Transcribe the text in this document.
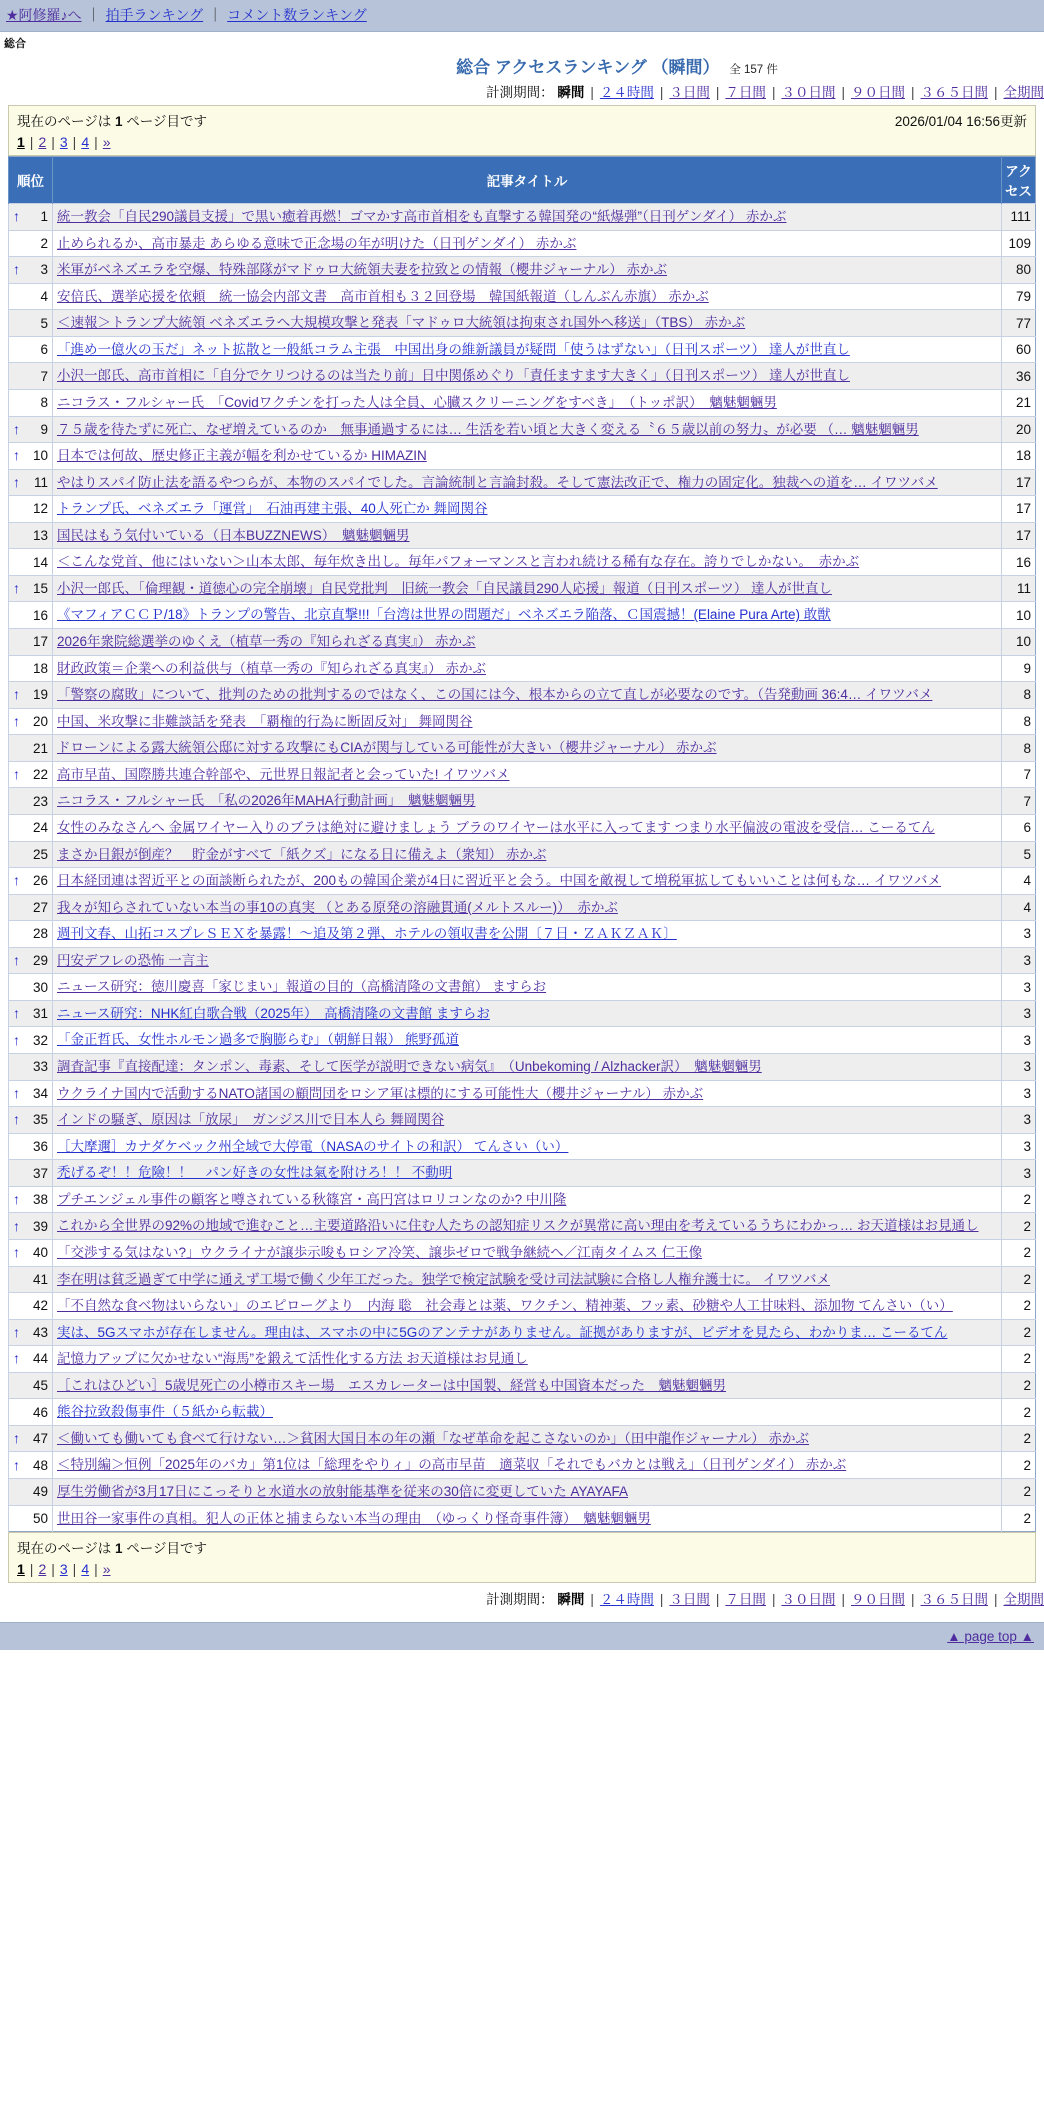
★阿修羅♪へ ｜ 拍手ランキング ｜ コメント数ランキング
総合
総合 アクセスランキング （瞬間） 全 157 件
計測期間： 瞬間 | ２４時間 | ３日間 | ７日間 | ３０日間 | ９０日間 | ３６５日間 | 全期間
現在のページは 1 ページ目です	2026/01/04 16:56更新
1 | 2 | 3 | 4 | »
順位	記事タイトル	アクセス

↑ 1	統一教会「自民290議員支援」で黒い癒着再燃！ゴマかす高市首相をも直撃する韓国発の“紙爆弾”（日刊ゲンダイ） 赤かぶ	111
2	止められるか、高市暴走 あらゆる意味で正念場の年が明けた（日刊ゲンダイ） 赤かぶ	109

↑ 3	米軍がベネズエラを空爆、特殊部隊がマドゥロ大統領夫妻を拉致との情報（櫻井ジャーナル） 赤かぶ	80
4	安倍氏、選挙応援を依頼　統一協会内部文書　高市首相も３２回登場　韓国紙報道（しんぶん赤旗） 赤かぶ	79
5	＜速報＞トランプ大統領 ベネズエラへ大規模攻撃と発表「マドゥロ大統領は拘束され国外へ移送」（TBS） 赤かぶ	77
6	「進め一億火の玉だ」ネット拡散と一般紙コラム主張　中国出身の維新議員が疑問「使うはずない」（日刊スポーツ） 達人が世直し	60
7	小沢一郎氏、高市首相に「自分でケリつけるのは当たり前」日中関係めぐり「責任ますます大きく」（日刊スポーツ） 達人が世直し	36
8	ニコラス・フルシャー氏　「Covidワクチンを打った人は全員、心臓スクリーニングをすべき」　（トッポ訳）　魑魅魍魎男	21

↑ 9	７５歳を待たずに死亡、なぜ増えているのか　無事通過するには… 生活を若い頃と大きく変える〝６５歳以前の努力〟が必要 （… 魑魅魍魎男	20

↑ 10	日本では何故、歴史修正主義が幅を利かせているか HIMAZIN	18

↑ 11	やはりスパイ防止法を語るやつらが、本物のスパイでした。言論統制と言論封殺。そして憲法改正で、権力の固定化。独裁への道を… イワツバメ	17
12	トランプ氏、ベネズエラ「運営」　石油再建主張、40人死亡か 舞岡関谷	17
13	国民はもう気付いている（日本BUZZNEWS）　魑魅魍魎男	17
14	＜こんな党首、他にはいない＞山本太郎、毎年炊き出し。毎年パフォーマンスと言われ続ける稀有な存在。誇りでしかない。　赤かぶ	16

↑ 15	小沢一郎氏、「倫理観・道徳心の完全崩壊」自民党批判　旧統一教会「自民議員290人応援」報道（日刊スポーツ） 達人が世直し	11
16	《マフィアＣＣＰ/18》トランプの警告、北京直撃!!!「台湾は世界の問題だ」ベネズエラ陥落、Ｃ国震撼！(Elaine Pura Arte) 敢獣	10
17	2026年衆院総選挙のゆくえ（植草一秀の『知られざる真実』） 赤かぶ	10
18	財政政策＝企業への利益供与（植草一秀の『知られざる真実』） 赤かぶ	9

↑ 19	「警察の腐敗」について、批判のための批判するのではなく、この国には今、根本からの立て直しが必要なのです。（告発動画 36:4… イワツバメ	8

↑ 20	中国、米攻撃に非難談話を発表　「覇権的行為に断固反対」 舞岡関谷	8
21	ドローンによる露大統領公邸に対する攻撃にもCIAが関与している可能性が大きい（櫻井ジャーナル） 赤かぶ	8

↑ 22	高市早苗、国際勝共連合幹部や、元世界日報記者と会っていた! イワツバメ	7
23	ニコラス・フルシャー氏　「私の2026年MAHA行動計画」　魑魅魍魎男	7
24	女性のみなさんへ 金属ワイヤー入りのブラは絶対に避けましょう ブラのワイヤーは水平に入ってます つまり水平偏波の電波を受信… こーるてん	6
25	まさか日銀が倒産？　貯金がすべて「紙クズ」になる日に備えよ（衆知） 赤かぶ	5

↑ 26	日本経団連は習近平との面談断られたが、200もの韓国企業が4日に習近平と会う。中国を敵視して増税軍拡してもいいことは何もな… イワツバメ	4
27	我々が知らされていない本当の事10の真実 （とある原発の溶融貫通(メルトスルー)）　赤かぶ	4
28	週刊文春、山拓コスプレＳＥＸを暴露！〜追及第２弾、ホテルの領収書を公開〔７日・ＺＡＫＺＡＫ〕	3

↑ 29	円安デフレの恐怖 一言主	3
30	ニュース研究：徳川慶喜「家じまい」報道の目的（高橋清隆の文書館） ますらお	3

↑ 31	ニュース研究：NHK紅白歌合戦（2025年）　高橋清隆の文書館 ますらお	3

↑ 32	「金正哲氏、女性ホルモン過多で胸膨らむ」（朝鮮日報） 熊野孤道	3
33	調査記事『直接配達：タンポン、毒素、そして医学が説明できない病気』　（Unbekoming / Alzhacker訳）　魑魅魍魎男	3

↑ 34	ウクライナ国内で活動するNATO諸国の顧問団をロシア軍は標的にする可能性大（櫻井ジャーナル） 赤かぶ	3

↑ 35	インドの騒ぎ、原因は「放尿」　ガンジス川で日本人ら 舞岡関谷	3
36	［大摩邇］カナダケベック州全域で大停電（NASAのサイトの和訳） てんさい（い）	3
37	禿げるぞ！！危險！！　パン好きの女性は氣を附けろ！！ 不動明	3

↑ 38	プチエンジェル事件の顧客と噂されている秋篠宮・高円宮はロリコンなのか? 中川隆	2

↑ 39	これから全世界の92%の地域で進むこと…主要道路沿いに住む人たちの認知症リスクが異常に高い理由を考えているうちにわかっ… お天道様はお見通し	2

↑ 40	「交渉する気はない?」ウクライナが譲歩示唆もロシア冷笑、譲歩ゼロで戦争継続へ／江南タイムス 仁王像	2
41	李在明は貧乏過ぎて中学に通えず工場で働く少年工だった。独学で検定試験を受け司法試験に合格し人権弁護士に。 イワツバメ	2
42	「不自然な食べ物はいらない」のエピローグより　内海 聡　社会毒とは薬、ワクチン、精神薬、フッ素、砂糖や人工甘味料、添加物 てんさい（い）	2

↑ 43	実は、5Gスマホが存在しません。理由は、スマホの中に5Gのアンテナがありません。証拠がありますが、ビデオを見たら、わかりま… こーるてん	2

↑ 44	記憶力アップに欠かせない“海馬”を鍛えて活性化する方法 お天道様はお見通し	2
45	［これはひどい］5歳児死亡の小樽市スキー場　エスカレーターは中国製、経営も中国資本だった　魑魅魍魎男	2
46	熊谷拉致殺傷事件（５紙から転載）	2

↑ 47	＜働いても働いても食べて行けない…＞貧困大国日本の年の瀬「なぜ革命を起こさないのか」（田中龍作ジャーナル） 赤かぶ	2

↑ 48	＜特別編＞恒例「2025年のバカ」第1位は「総理をやりィ」の高市早苗　適菜収「それでもバカとは戦え」（日刊ゲンダイ） 赤かぶ	2
49	厚生労働省が3月17日にこっそりと水道水の放射能基準を従来の30倍に変更していた AYAYAFA	2
50	世田谷一家事件の真相。犯人の正体と捕まらない本当の理由　（ゆっくり怪奇事件簿）　魑魅魍魎男	2
現在のページは 1 ページ目です
1 | 2 | 3 | 4 | »
計測期間： 瞬間 | ２４時間 | ３日間 | ７日間 | ３０日間 | ９０日間 | ３６５日間 | 全期間
▲ page top ▲
